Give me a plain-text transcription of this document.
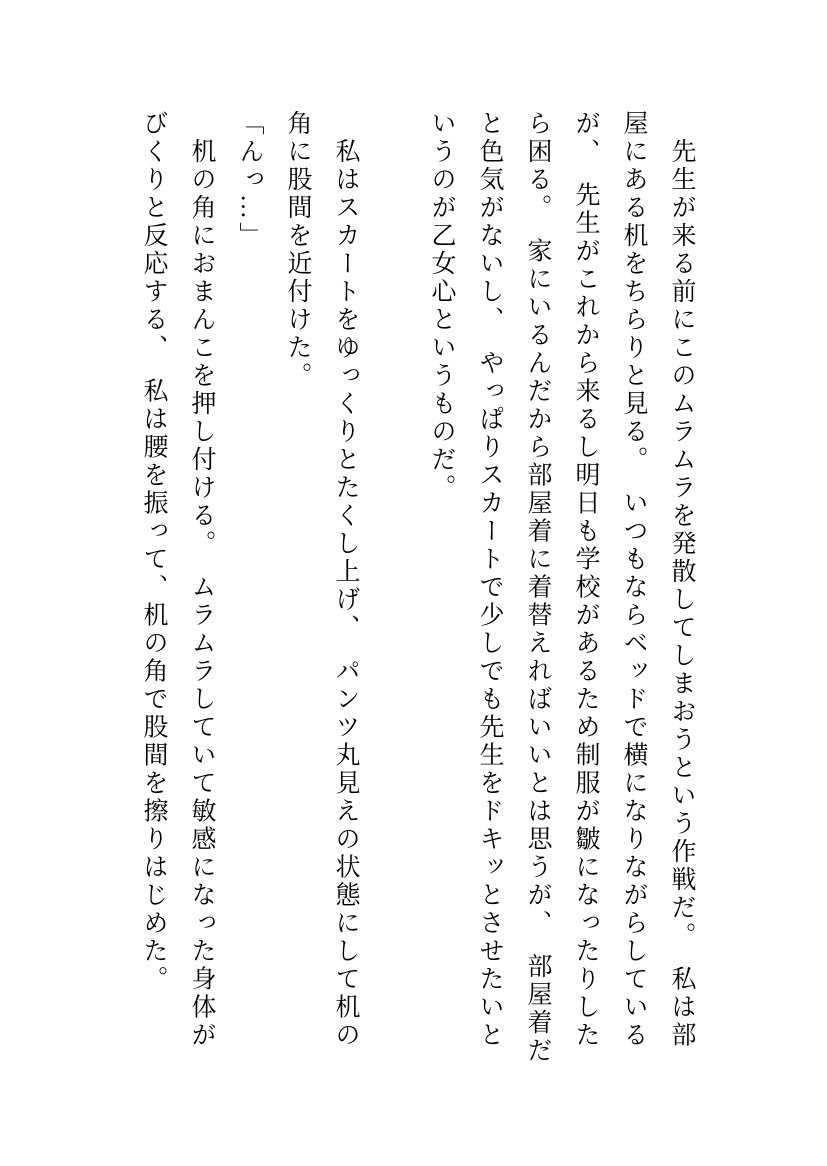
　先生が来る前にこのムラムラを発散してしまおうという作戦だ。　私は部
屋にある机をちらりと見る。　いつもならベッドで横になりながらしている
が、　先生がこれから来るし明日も学校があるため制服が皺になったりした
ら困る。　家にいるんだから部屋着に着替えればいいとは思うが、　部屋着だ
と色気がないし、　やっぱりスカートで少しでも先生をドキッとさせたいと
いうのが乙女心というものだ。
　私はスカートをゆっくりとたくし上げ、　パンツ丸見えの状態にして机の
角に股間を近付けた。
「んっ…」
　机の角におまんこを押し付ける。　ムラムラしていて敏感になった身体が
びくりと反応する、　私は腰を振って、机の角で股間を擦りはじめた。
